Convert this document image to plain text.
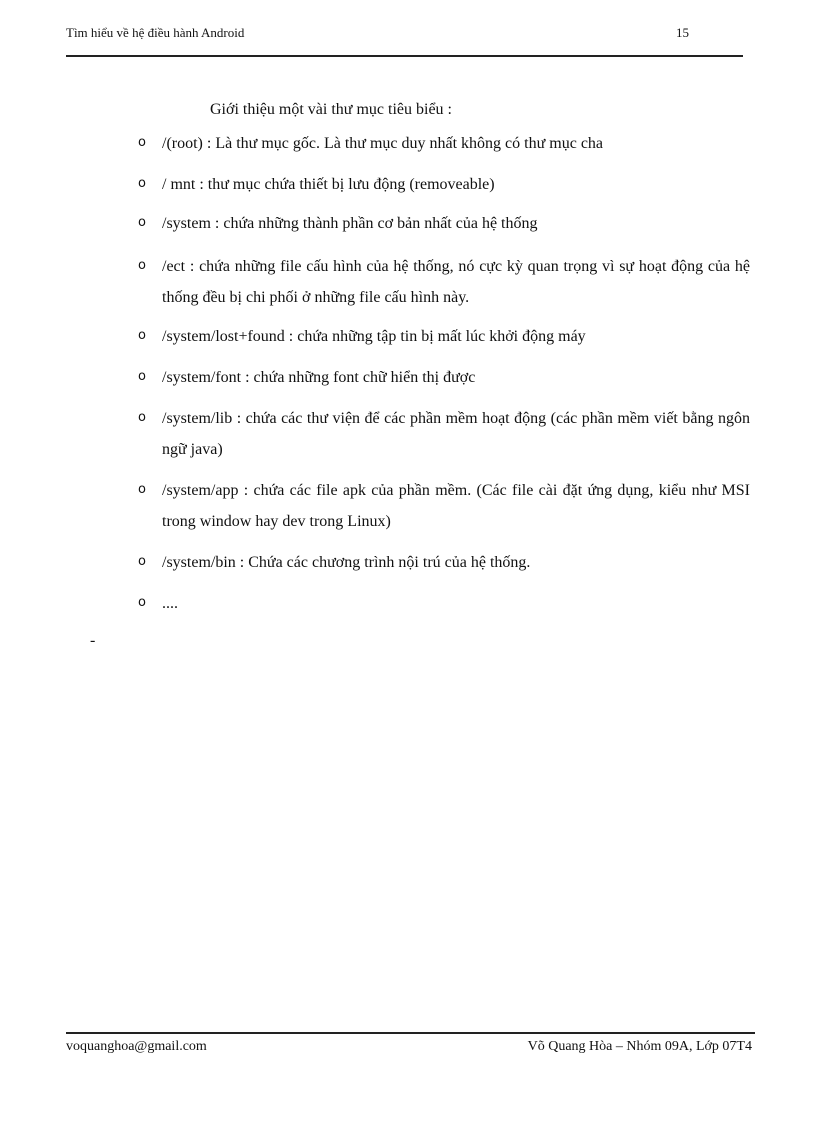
Tìm hiểu về hệ điều hành Android	15
Giới thiệu một vài thư mục tiêu biểu :
o /(root) : Là thư mục gốc. Là thư mục duy nhất không có thư mục cha
o / mnt : thư mục chứa thiết bị lưu động (removeable)
o /system : chứa những thành phần cơ bản nhất của hệ thống
o /ect : chứa những file cấu hình của hệ thống, nó cực kỳ quan trọng vì sự hoạt động của hệ thống đều bị chi phối ở những file cấu hình này.
o /system/lost+found : chứa những tập tin bị mất lúc khởi động máy
o /system/font : chứa những font chữ hiển thị được
o /system/lib : chứa các thư viện để các phần mềm hoạt động (các phần mềm viết bằng ngôn ngữ java)
o /system/app : chứa các file apk của phần mềm. (Các file cài đặt ứng dụng, kiểu như MSI trong window hay dev trong Linux)
o /system/bin : Chứa các chương trình nội trú của hệ thống.
o ....
-
voquanghoa@gmail.com	Võ Quang Hòa – Nhóm 09A, Lớp 07T4
